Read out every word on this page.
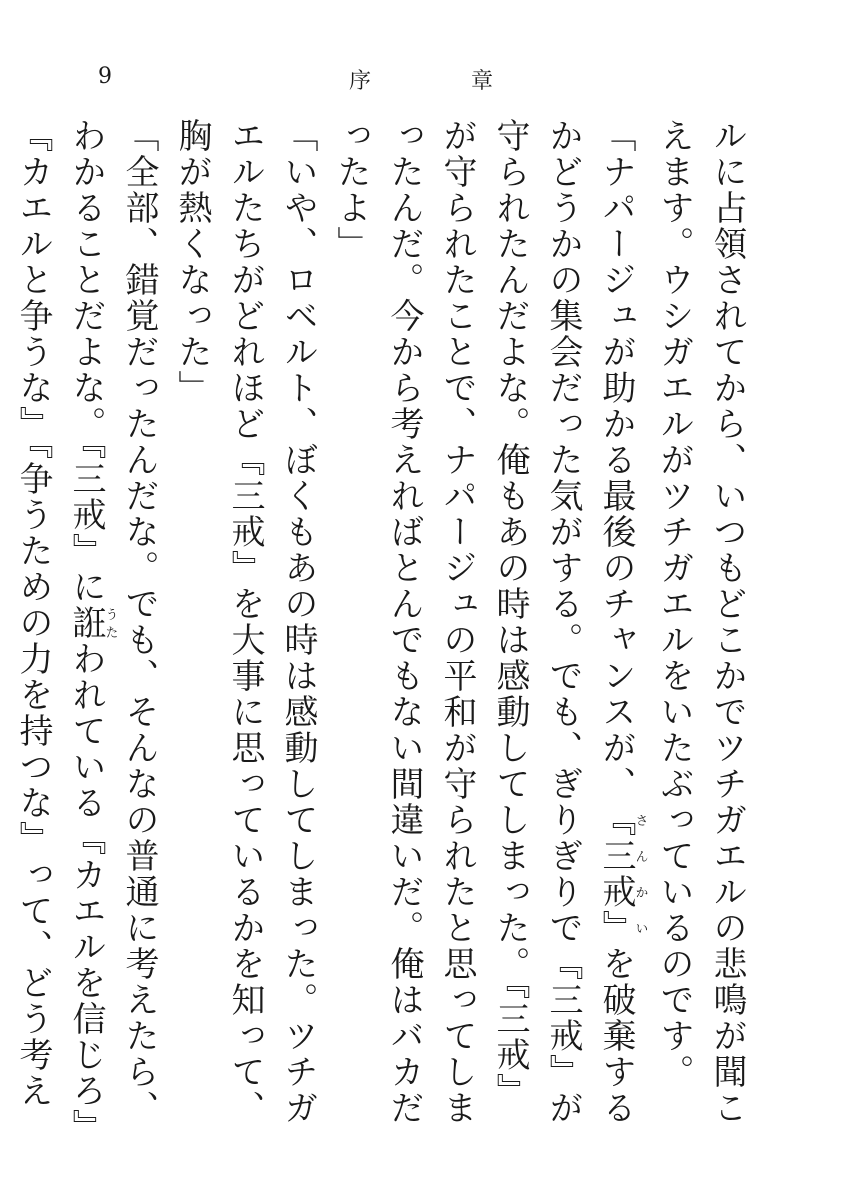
9	序	章

ルに占領されてから、いつもどこかでツチガエルの悲鳴が聞こえます。ウシガエルがツチガエルをいたぶっているのです。

「ナパージュが助かる最後のチャンスが、『三戒』さんかいを破棄するかどうかの集会だった気がする。でも、ぎりぎりで『三戒』が守られたんだよな。俺もあの時は感動してしまった。『三戒』が守られたことで、ナパージュの平和が守られたと思ってしまったんだ。今から考えればとんでもない間違いだ。俺はバカだったよ」

「いや、ロベルト、ぼくもあの時は感動してしまった。ツチガエルたちがどれほど『三戒』を大事に思っているかを知って、胸が熱くなった」

「全部、錯覚だったんだな。でも、そんなの普通に考えたら、わかることだよな。『三戒』に誑うたわれている『カエルを信じろ』『カエルと争うな』『争うための力を持つな』って、どう考え
